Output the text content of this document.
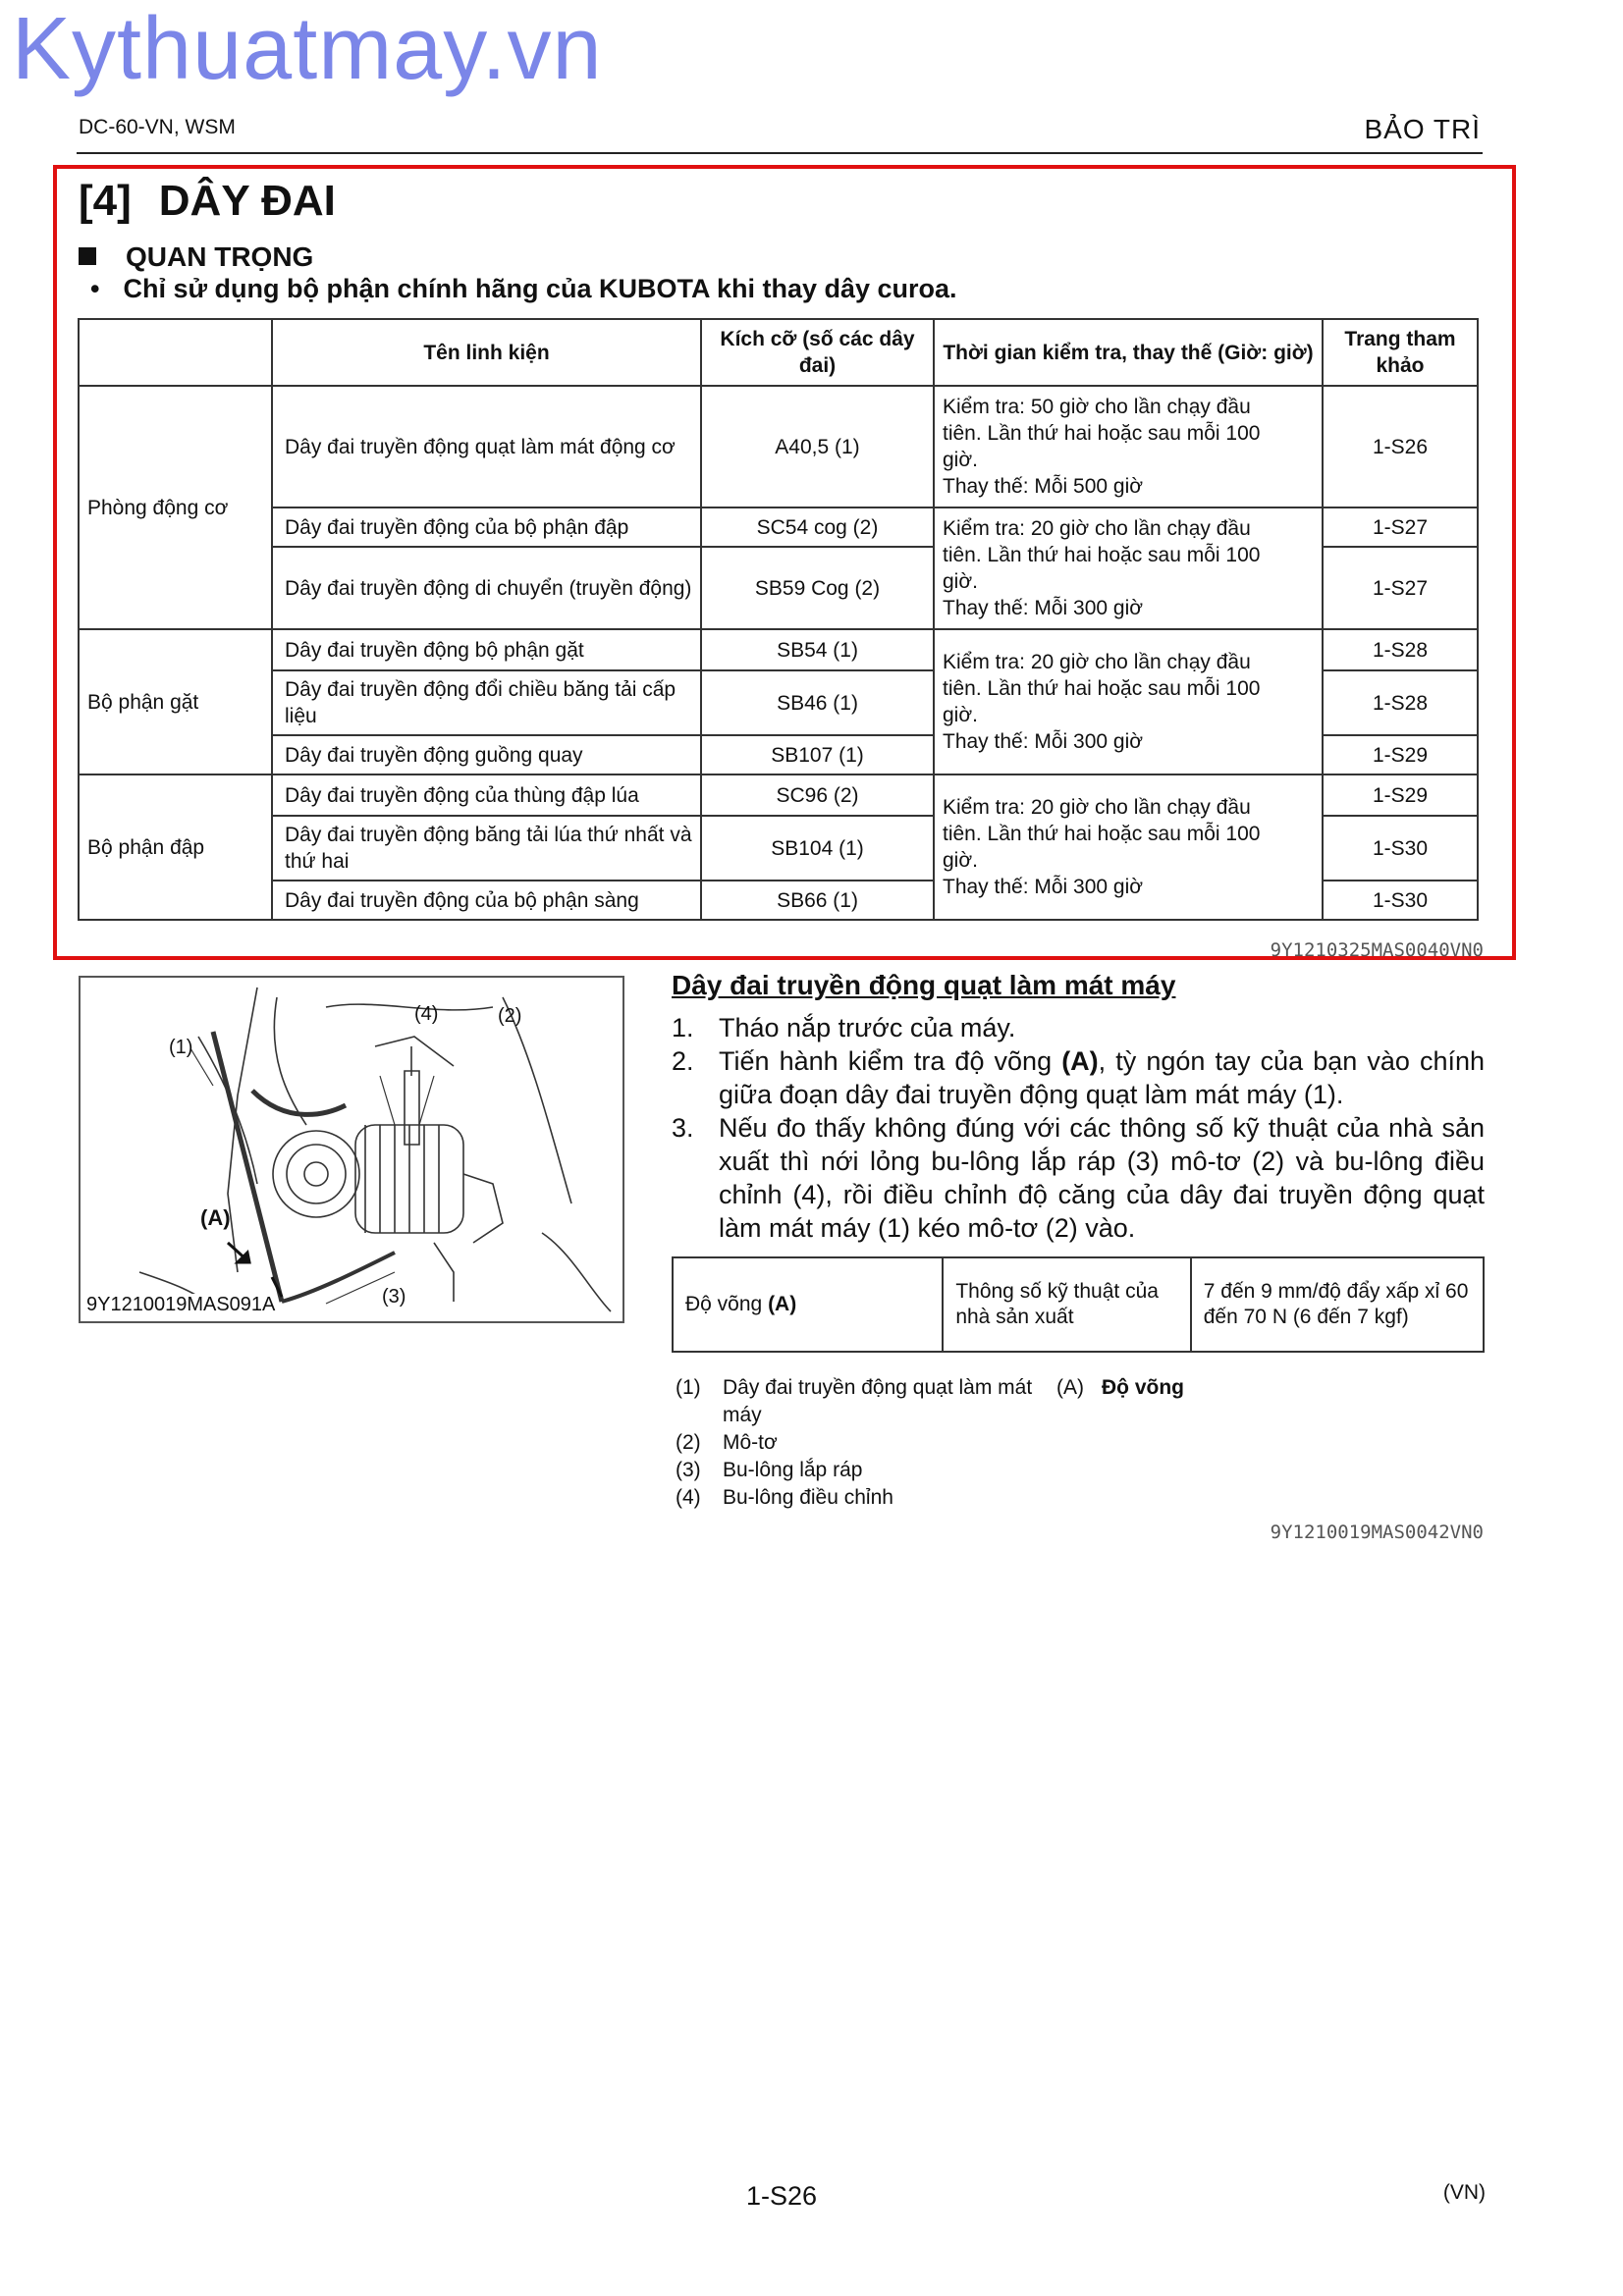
Kythuatmay.vn
DC-60-VN, WSM	BẢO TRÌ
[4] DÂY ĐAI
QUAN TRỌNG
• Chỉ sử dụng bộ phận chính hãng của KUBOTA khi thay dây curoa.
	Tên linh kiện	Kích cỡ (số các dây đai)	Thời gian kiểm tra, thay thế (Giờ: giờ)	Trang tham khảo
Phòng động cơ	Dây đai truyền động quạt làm mát động cơ	A40,5 (1)	Kiểm tra: 50 giờ cho lần chạy đầu
tiên. Lần thứ hai hoặc sau mỗi 100
giờ.
Thay thế: Mỗi 500 giờ	1-S26
	Dây đai truyền động của bộ phận đập	SC54 cog (2)	Kiểm tra: 20 giờ cho lần chạy đầu
tiên. Lần thứ hai hoặc sau mỗi 100
giờ.
Thay thế: Mỗi 300 giờ	1-S27
	Dây đai truyền động di chuyển (truyền động)	SB59 Cog (2)		1-S27
Bộ phận gặt	Dây đai truyền động bộ phận gặt	SB54 (1)	Kiểm tra: 20 giờ cho lần chạy đầu
tiên. Lần thứ hai hoặc sau mỗi 100
giờ.
Thay thế: Mỗi 300 giờ	1-S28
	Dây đai truyền động đổi chiều băng tải cấp liệu	SB46 (1)		1-S28
	Dây đai truyền động guồng quay	SB107 (1)		1-S29
Bộ phận đập	Dây đai truyền động của thùng đập lúa	SC96 (2)	Kiểm tra: 20 giờ cho lần chạy đầu
tiên. Lần thứ hai hoặc sau mỗi 100
giờ.
Thay thế: Mỗi 300 giờ	1-S29
	Dây đai truyền động băng tải lúa thứ nhất và thứ hai	SB104 (1)		1-S30
	Dây đai truyền động của bộ phận sàng	SB66 (1)		1-S30
9Y1210325MAS0040VN0
(1)
(4)	(2)
(A)
(3)
9Y1210019MAS091A
Dây đai truyền động quạt làm mát máy
1. Tháo nắp trước của máy.
2. Tiến hành kiểm tra độ võng (A), tỳ ngón tay của bạn vào chính giữa đoạn dây đai truyền động quạt làm mát máy (1).
3. Nếu đo thấy không đúng với các thông số kỹ thuật của nhà sản xuất thì nới lỏng bu-lông lắp ráp (3) mô-tơ (2) và bu-lông điều chỉnh (4), rồi điều chỉnh độ căng của dây đai truyền động quạt làm mát máy (1) kéo mô-tơ (2) vào.
Độ võng (A)	Thông số kỹ thuật của nhà sản xuất	7 đến 9 mm/độ đẩy xấp xỉ 60 đến 70 N (6 đến 7 kgf)
(1)	Dây đai truyền động quạt làm mát	(A) Độ võng
máy
(2)	Mô-tơ
(3)	Bu-lông lắp ráp
(4)	Bu-lông điều chỉnh
9Y1210019MAS0042VN0
1-S26	(VN)
